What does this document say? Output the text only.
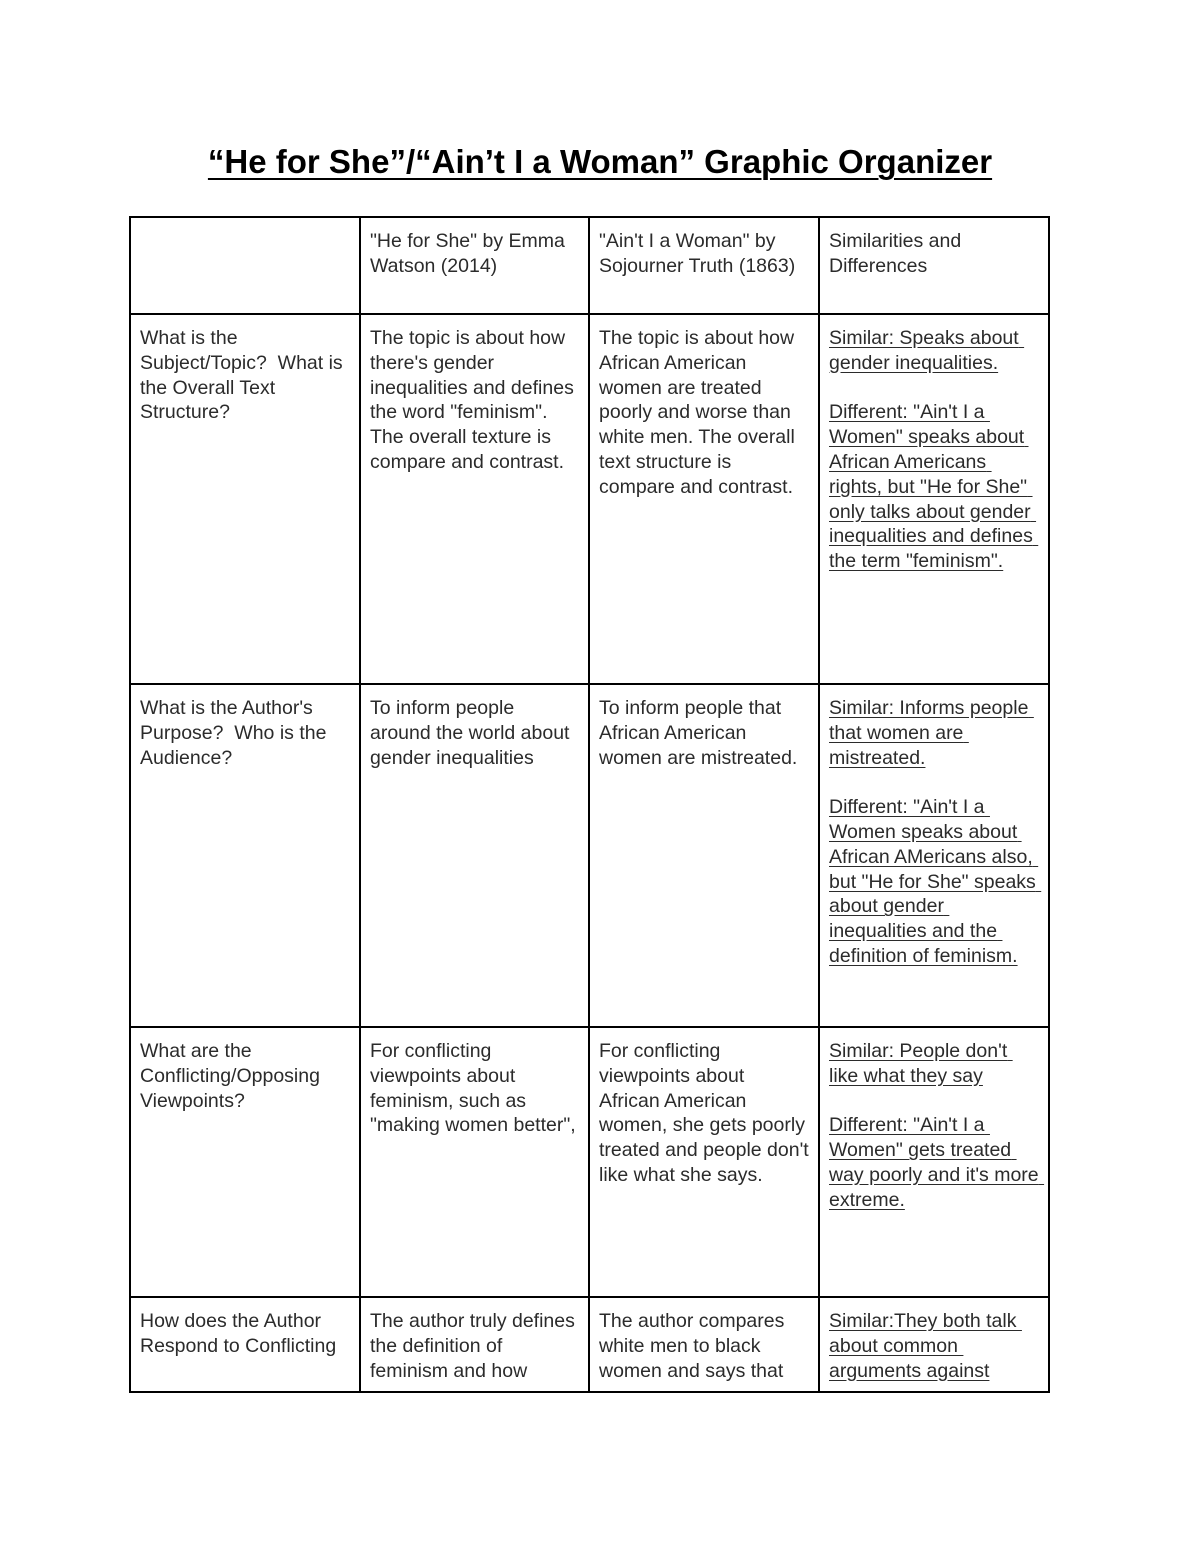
“He for She”/“Ain’t I a Woman” Graphic Organizer

	"He for She" by Emma Watson (2014)	"Ain't I a Woman" by Sojourner Truth (1863)	Similarities and Differences

What is the Subject/Topic?  What is the Overall Text Structure?	The topic is about how there's gender inequalities and defines the word "feminism". The overall texture is compare and contrast.	The topic is about how African American women are treated poorly and worse than white men. The overall text structure is compare and contrast.	Similar: Speaks about gender inequalities.
Different: "Ain't I a Women" speaks about African Americans rights, but "He for She" only talks about gender inequalities and defines the term "feminism".

What is the Author's Purpose?  Who is the Audience?	To inform people around the world about gender inequalities	To inform people that African American women are mistreated.	Similar: Informs people that women are mistreated.
Different: "Ain't I a Women speaks about African AMericans also, but "He for She" speaks about gender inequalities and the definition of feminism.

What are the Conflicting/Opposing Viewpoints?	For conflicting viewpoints about feminism, such as "making women better",	For conflicting viewpoints about African American women, she gets poorly treated and people don't like what she says.	Similar: People don't like what they say
Different: "Ain't I a Women" gets treated way poorly and it's more extreme.

How does the Author Respond to Conflicting	The author truly defines the definition of feminism and how	The author compares white men to black women and says that	Similar:They both talk about common arguments against
